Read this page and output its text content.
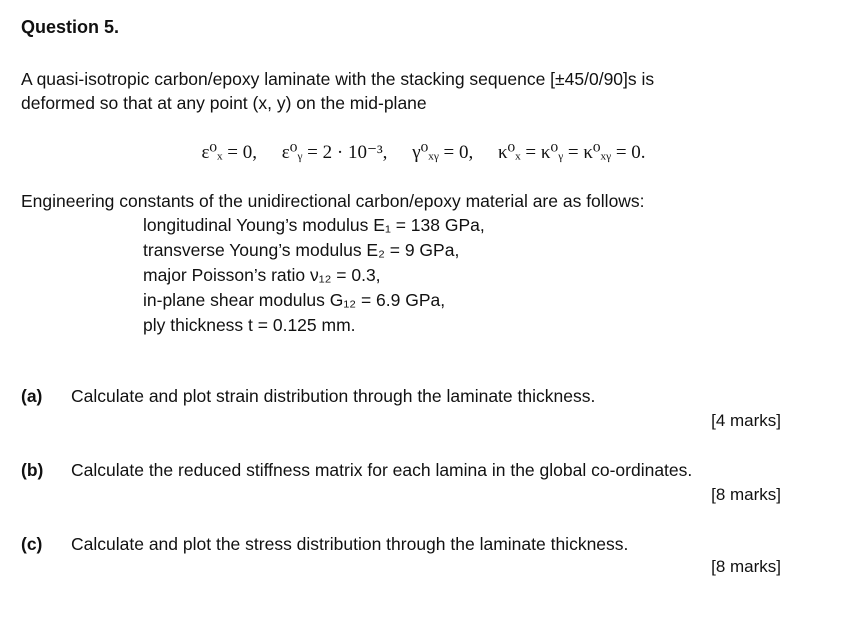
Question 5.
A quasi-isotropic carbon/epoxy laminate with the stacking sequence [±45/0/90]s is
deformed so that at any point (x, y) on the mid-plane
ε⁰ₓ = 0, ε⁰ᵧ = 2 · 10⁻³, γ⁰ₓᵧ = 0, κ⁰ₓ = κ⁰ᵧ = κ⁰ₓᵧ = 0.
Engineering constants of the unidirectional carbon/epoxy material are as follows:
longitudinal Young’s modulus E₁ = 138 GPa,
transverse Young’s modulus E₂ = 9 GPa,
major Poisson’s ratio ν₁₂ = 0.3,
in-plane shear modulus G₁₂ = 6.9 GPa,
ply thickness t = 0.125 mm.
(a) Calculate and plot strain distribution through the laminate thickness.
[4 marks]
(b) Calculate the reduced stiffness matrix for each lamina in the global co-ordinates.
[8 marks]
(c) Calculate and plot the stress distribution through the laminate thickness.
[8 marks]
